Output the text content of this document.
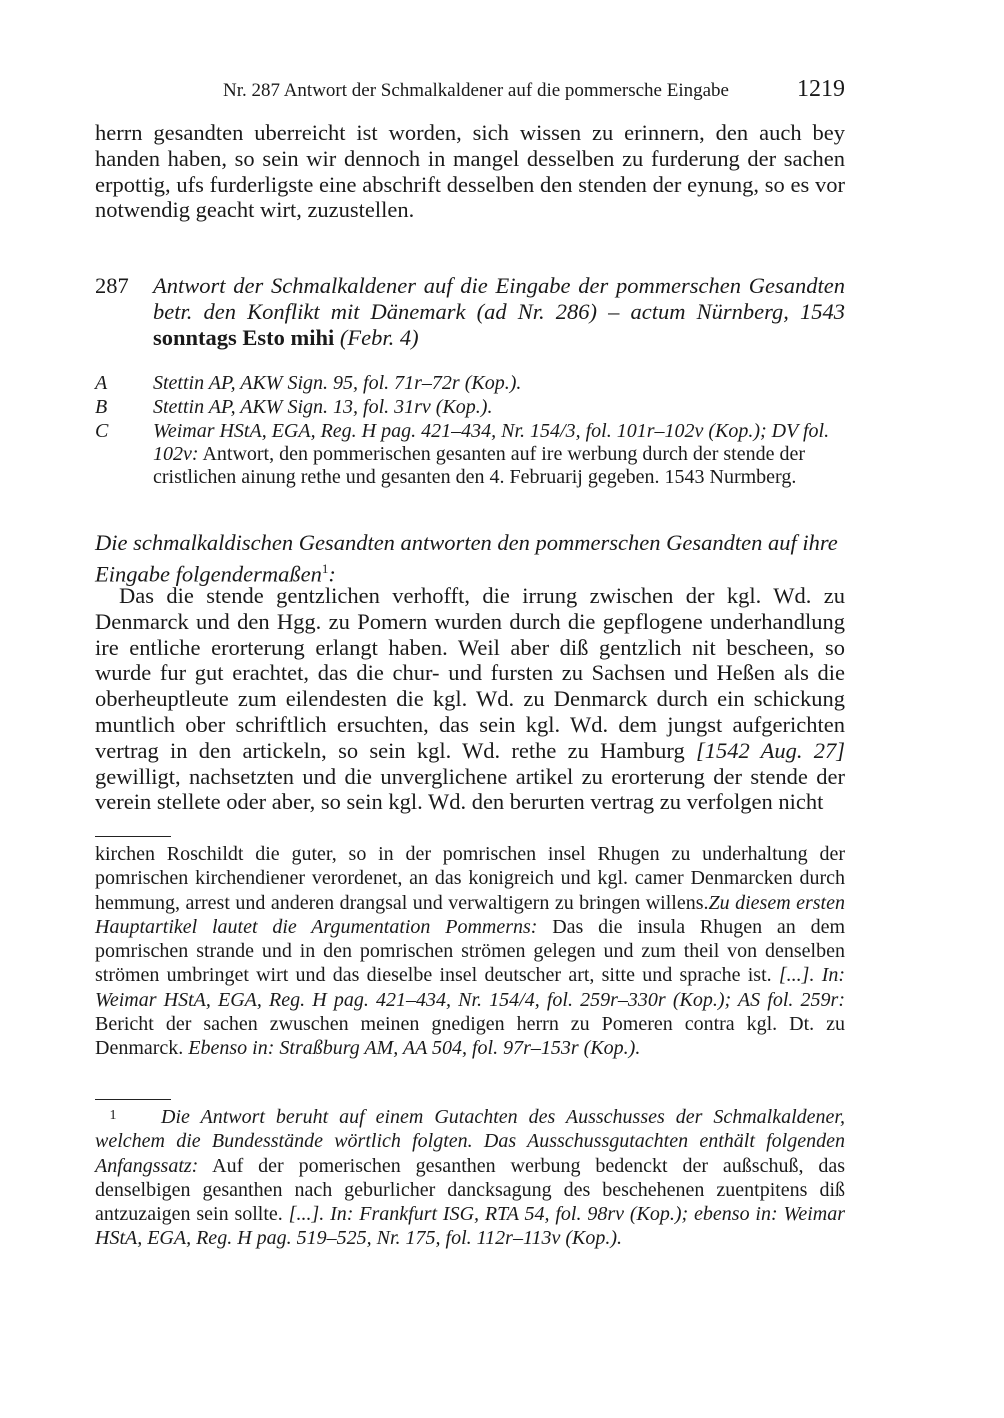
Nr. 287 Antwort der Schmalkaldener auf die pommersche Eingabe	1219
herrn gesandten uberreicht ist worden, sich wissen zu erinnern, den auch bey handen haben, so sein wir dennoch in mangel desselben zu furderung der sachen erpottig, ufs furderligste eine abschrift desselben den stenden der eynung, so es vor notwendig geacht wirt, zuzustellen.
287 Antwort der Schmalkaldener auf die Eingabe der pommerschen Gesandten betr. den Konflikt mit Dänemark (ad Nr. 286) – actum Nürnberg, 1543 sonntags Esto mihi (Febr. 4)
A	Stettin AP, AKW Sign. 95, fol. 71r–72r (Kop.).
B	Stettin AP, AKW Sign. 13, fol. 31rv (Kop.).
C	Weimar HStA, EGA, Reg. H pag. 421–434, Nr. 154/3, fol. 101r–102v (Kop.); DV fol. 102v: Antwort, den pommerischen gesanten auf ire werbung durch der stende der cristlichen ainung rethe und gesanten den 4. Februarij gegeben. 1543 Nurmberg.
Die schmalkaldischen Gesandten antworten den pommerschen Gesandten auf ihre Eingabe folgendermaßen$^1$:
Das die stende gentzlichen verhofft, die irrung zwischen der kgl. Wd. zu Denmarck und den Hgg. zu Pomern wurden durch die gepflogene underhandlung ire entliche erorterung erlangt haben. Weil aber diß gentzlich nit bescheen, so wurde fur gut erachtet, das die chur- und fursten zu Sachsen und Heßen als die oberheuptleute zum eilendesten die kgl. Wd. zu Denmarck durch ein schickung muntlich ober schriftlich ersuchten, das sein kgl. Wd. dem jungst aufgerichten vertrag in den artickeln, so sein kgl. Wd. rethe zu Hamburg [1542 Aug. 27] gewilligt, nachsetzten und die unverglichene artikel zu erorterung der stende der verein stellete oder aber, so sein kgl. Wd. den berurten vertrag zu verfolgen nicht
kirchen Roschildt die guter, so in der pomrischen insel Rhugen zu underhaltung der pomrischen kirchendiener verordenet, an das konigreich und kgl. camer Denmarcken durch hemmung, arrest und anderen drangsal und verwaltigern zu bringen willens.Zu diesem ersten Hauptartikel lautet die Argumentation Pommerns: Das die insula Rhugen an dem pomrischen strande und in den pomrischen strömen gelegen und zum theil von denselben strömen umbringet wirt und das dieselbe insel deutscher art, sitte und sprache ist. [...]. In: Weimar HStA, EGA, Reg. H pag. 421–434, Nr. 154/4, fol. 259r–330r (Kop.); AS fol. 259r: Bericht der sachen zwuschen meinen gnedigen herrn zu Pomeren contra kgl. Dt. zu Denmarck. Ebenso in: Straßburg AM, AA 504, fol. 97r–153r (Kop.).
1 Die Antwort beruht auf einem Gutachten des Ausschusses der Schmalkaldener, welchem die Bundesstände wörtlich folgten. Das Ausschussgutachten enthält folgenden Anfangssatz: Auf der pomerischen gesanthen werbung bedenckt der außschuß, das denselbigen gesanthen nach geburlicher dancksagung des beschehenen zuentpitens diß antzuzaigen sein sollte. [...]. In: Frankfurt ISG, RTA 54, fol. 98rv (Kop.); ebenso in: Weimar HStA, EGA, Reg. H pag. 519–525, Nr. 175, fol. 112r–113v (Kop.).
